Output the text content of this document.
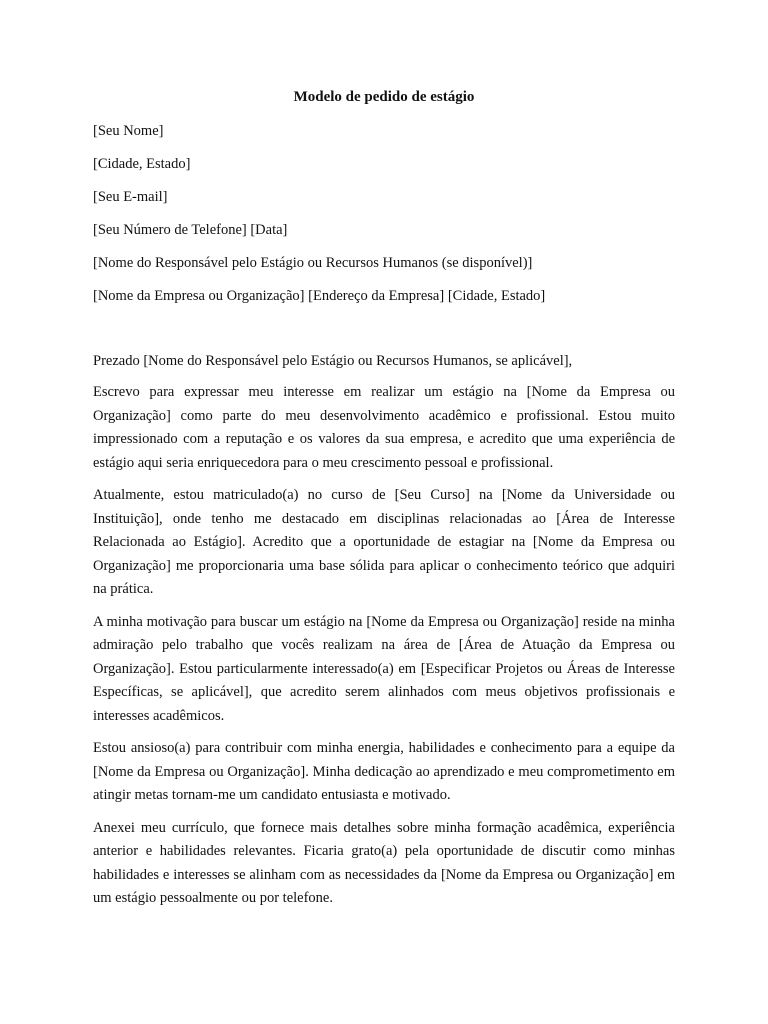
Modelo de pedido de estágio
[Seu Nome]
[Cidade, Estado]
[Seu E-mail]
[Seu Número de Telefone] [Data]
[Nome do Responsável pelo Estágio ou Recursos Humanos (se disponível)]
[Nome da Empresa ou Organização] [Endereço da Empresa] [Cidade, Estado]

Prezado [Nome do Responsável pelo Estágio ou Recursos Humanos, se aplicável],

Escrevo para expressar meu interesse em realizar um estágio na [Nome da Empresa ou Organização] como parte do meu desenvolvimento acadêmico e profissional. Estou muito impressionado com a reputação e os valores da sua empresa, e acredito que uma experiência de estágio aqui seria enriquecedora para o meu crescimento pessoal e profissional.

Atualmente, estou matriculado(a) no curso de [Seu Curso] na [Nome da Universidade ou Instituição], onde tenho me destacado em disciplinas relacionadas ao [Área de Interesse Relacionada ao Estágio]. Acredito que a oportunidade de estagiar na [Nome da Empresa ou Organização] me proporcionaria uma base sólida para aplicar o conhecimento teórico que adquiri na prática.

A minha motivação para buscar um estágio na [Nome da Empresa ou Organização] reside na minha admiração pelo trabalho que vocês realizam na área de [Área de Atuação da Empresa ou Organização]. Estou particularmente interessado(a) em [Especificar Projetos ou Áreas de Interesse Específicas, se aplicável], que acredito serem alinhados com meus objetivos profissionais e interesses acadêmicos.

Estou ansioso(a) para contribuir com minha energia, habilidades e conhecimento para a equipe da [Nome da Empresa ou Organização]. Minha dedicação ao aprendizado e meu comprometimento em atingir metas tornam-me um candidato entusiasta e motivado.

Anexei meu currículo, que fornece mais detalhes sobre minha formação acadêmica, experiência anterior e habilidades relevantes. Ficaria grato(a) pela oportunidade de discutir como minhas habilidades e interesses se alinham com as necessidades da [Nome da Empresa ou Organização] em um estágio pessoalmente ou por telefone.
